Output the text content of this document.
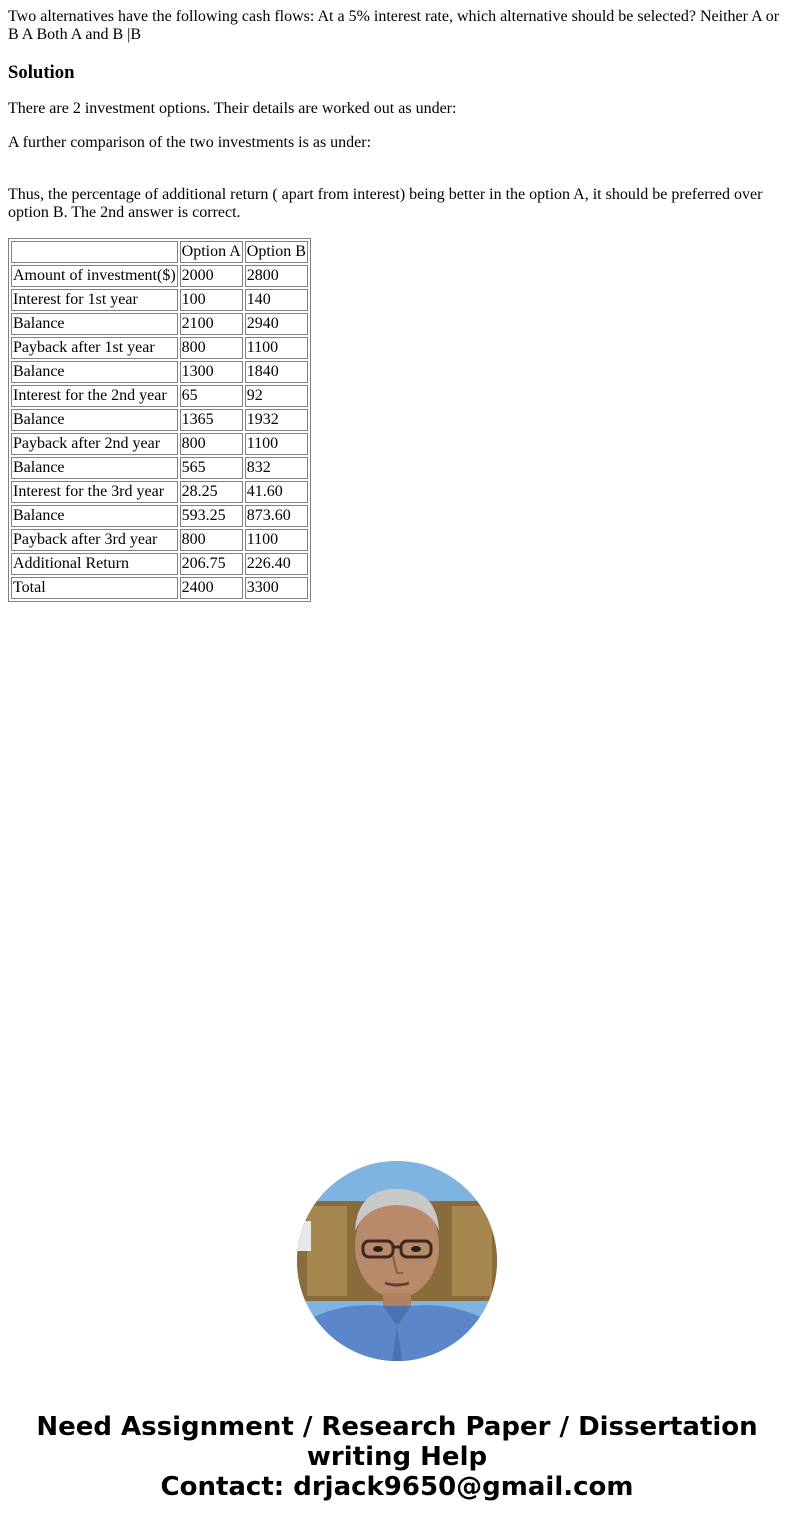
Two alternatives have the following cash flows: At a 5% interest rate, which alternative should be selected? Neither A or B A Both A and B |B
Solution

There are 2 investment options. Their details are worked out as under:

A further comparison of the two investments is as under:

Thus, the percentage of additional return ( apart from interest) being better in the option A, it should be preferred over option B. The 2nd answer is correct.

	Option A	Option B
Amount of investment($)	2000	2800
Interest for 1st year	100	140
Balance	2100	2940
Payback after 1st year	800	1100
Balance	1300	1840
Interest for the 2nd year	65	92
Balance	1365	1932
Payback after 2nd year	800	1100
Balance	565	832
Interest for the 3rd year	28.25	41.60
Balance	593.25	873.60
Payback after 3rd year	800	1100
Additional Return	206.75	226.40
Total	2400	3300
Need Assignment / Research Paper / Dissertation
writing Help
Contact: drjack9650@gmail.com
